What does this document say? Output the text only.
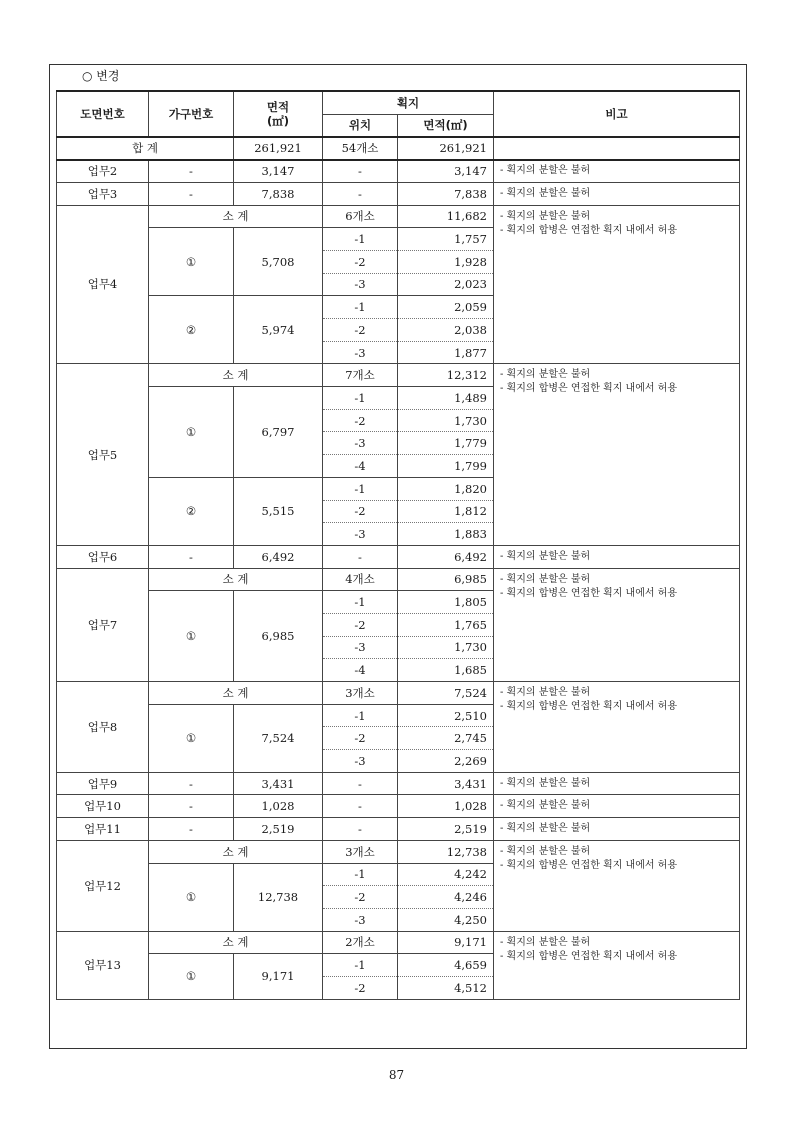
○ 변경
도면번호	가구번호	면적
(㎡)	획지		비고
			위치	면적(㎡)	
합 계		261,921	54개소	261,921	
업무2	-	3,147	-	3,147	- 획지의 분할은 불허
업무3	-	7,838	-	7,838	- 획지의 분할은 불허
업무4	소 계		6개소	11,682	- 획지의 분할은 불허
- 획지의 합병은 연접한 획지 내에서 허용

	①	5,708	-1	1,757	
			-2	1,928	
			-3	2,023	
	②	5,974	-1	2,059	
			-2	2,038	
			-3	1,877	
업무5	소 계		7개소	12,312	- 획지의 분할은 불허
- 획지의 합병은 연접한 획지 내에서 허용

	①	6,797	-1	1,489	
			-2	1,730	
			-3	1,779	
			-4	1,799	
	②	5,515	-1	1,820	
			-2	1,812	
			-3	1,883	
업무6	-	6,492	-	6,492	- 획지의 분할은 불허
업무7	소 계		4개소	6,985	- 획지의 분할은 불허
- 획지의 합병은 연접한 획지 내에서 허용

	①	6,985	-1	1,805	
			-2	1,765	
			-3	1,730	
			-4	1,685	
업무8	소 계		3개소	7,524	- 획지의 분할은 불허
- 획지의 합병은 연접한 획지 내에서 허용

	①	7,524	-1	2,510	
			-2	2,745	
			-3	2,269	
업무9	-	3,431	-	3,431	- 획지의 분할은 불허
업무10	-	1,028	-	1,028	- 획지의 분할은 불허
업무11	-	2,519	-	2,519	- 획지의 분할은 불허
업무12	소 계		3개소	12,738	- 획지의 분할은 불허
- 획지의 합병은 연접한 획지 내에서 허용

	①	12,738	-1	4,242	
			-2	4,246	
			-3	4,250	
업무13	소 계		2개소	9,171	- 획지의 분할은 불허
- 획지의 합병은 연접한 획지 내에서 허용

	①	9,171	-1	4,659	
			-2	4,512	
87
